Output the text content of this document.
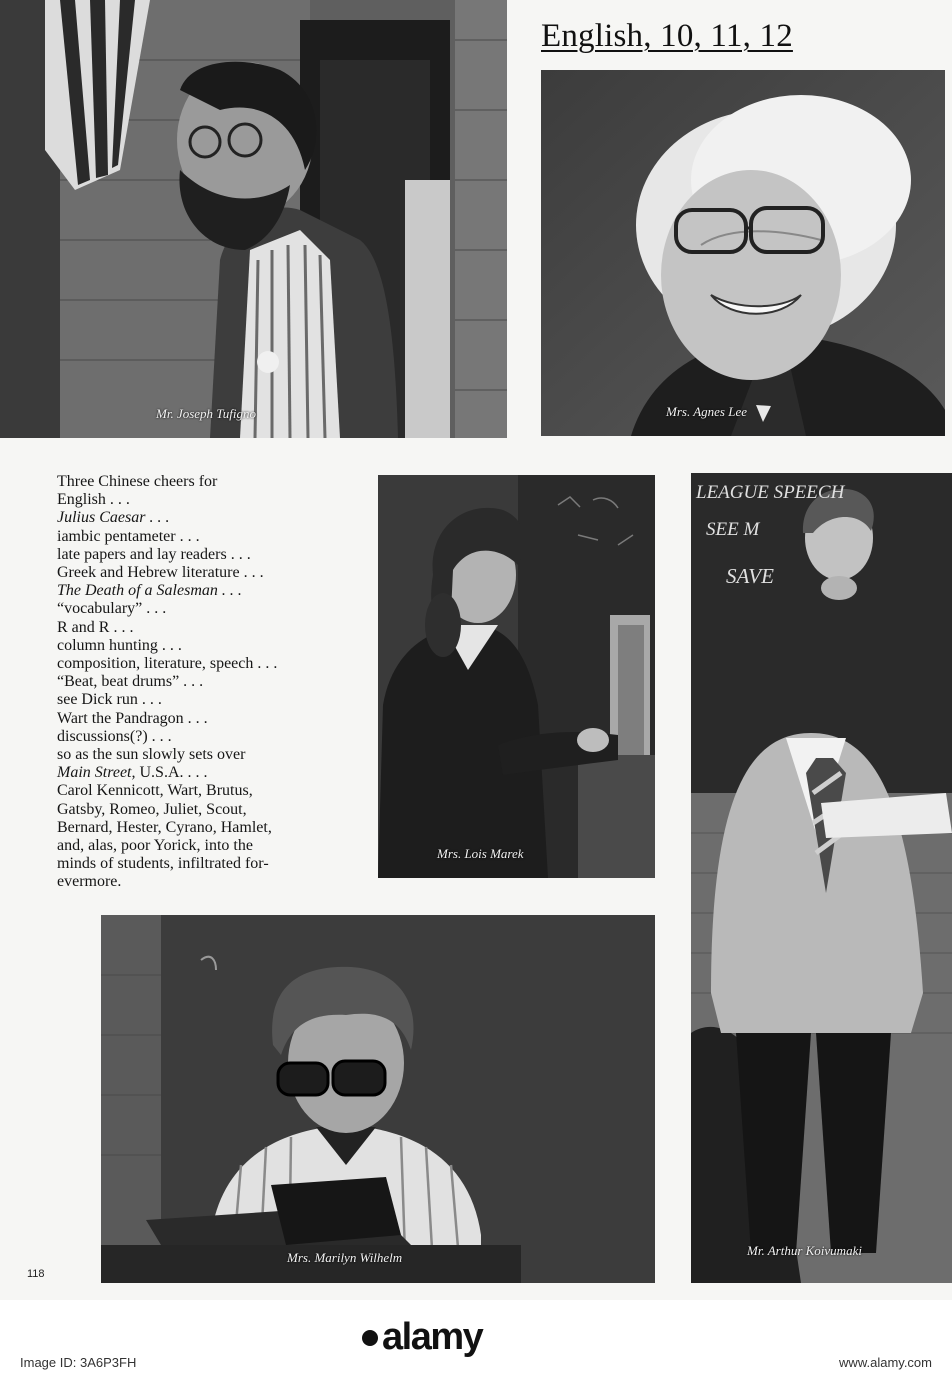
Mr. Joseph Tufigno
English, 10, 11, 12
Mrs. Agnes Lee
Three Chinese cheers for
English . . .
Julius Caesar . . .
iambic pentameter . . .
late papers and lay readers . . .
Greek and Hebrew literature . . .
The Death of a Salesman . . .
“vocabulary” . . .
R and R . . .
column hunting . . .
composition, literature, speech . . .
“Beat, beat drums” . . .
see Dick run . . .
Wart the Pandragon . . .
discussions(?) . . .
so as the sun slowly sets over
Main Street, U.S.A. . . .
Carol Kennicott, Wart, Brutus,
Gatsby, Romeo, Juliet, Scout,
Bernard, Hester, Cyrano, Hamlet,
and, alas, poor Yorick, into the
minds of students, infiltrated for-
evermore.
Mrs. Lois Marek
LEAGUE SPEECH
SEE M
SAVE
Mr. Arthur Koivumaki
Mrs. Marilyn Wilhelm
118
alamy
Image ID: 3A6P3FH	www.alamy.com
